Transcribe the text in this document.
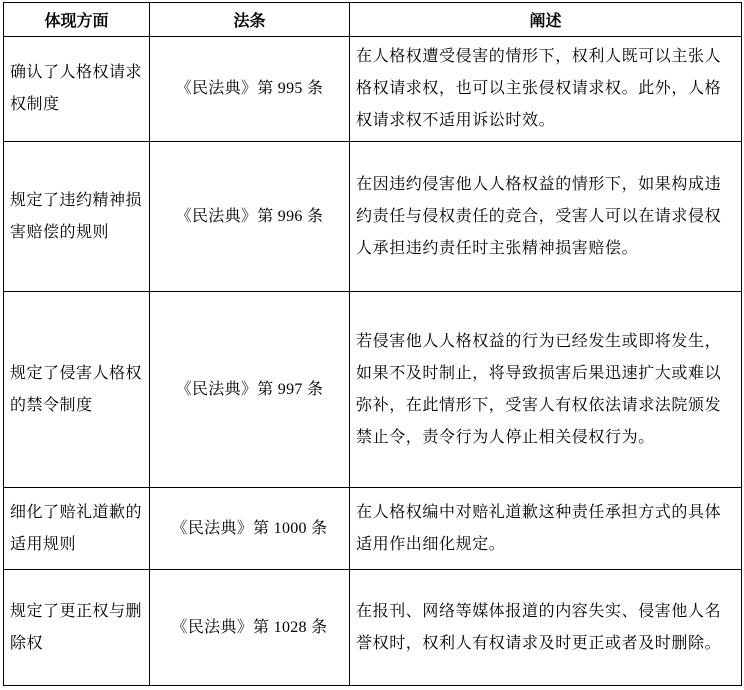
体现方面	法条	阐述
确认了人格权请求权制度	《民法典》第 995 条	在人格权遭受侵害的情形下，权利人既可以主张人格权请求权，也可以主张侵权请求权。此外，人格权请求权不适用诉讼时效。
规定了违约精神损害赔偿的规则	《民法典》第 996 条	在因违约侵害他人人格权益的情形下，如果构成违约责任与侵权责任的竞合，受害人可以在请求侵权人承担违约责任时主张精神损害赔偿。
规定了侵害人格权的禁令制度	《民法典》第 997 条	若侵害他人人格权益的行为已经发生或即将发生，如果不及时制止，将导致损害后果迅速扩大或难以弥补，在此情形下，受害人有权依法请求法院颁发禁止令，责令行为人停止相关侵权行为。
细化了赔礼道歉的适用规则	《民法典》第 1000 条	在人格权编中对赔礼道歉这种责任承担方式的具体适用作出细化规定。
规定了更正权与删除权	《民法典》第 1028 条	在报刊、网络等媒体报道的内容失实、侵害他人名誉权时，权利人有权请求及时更正或者及时删除。
